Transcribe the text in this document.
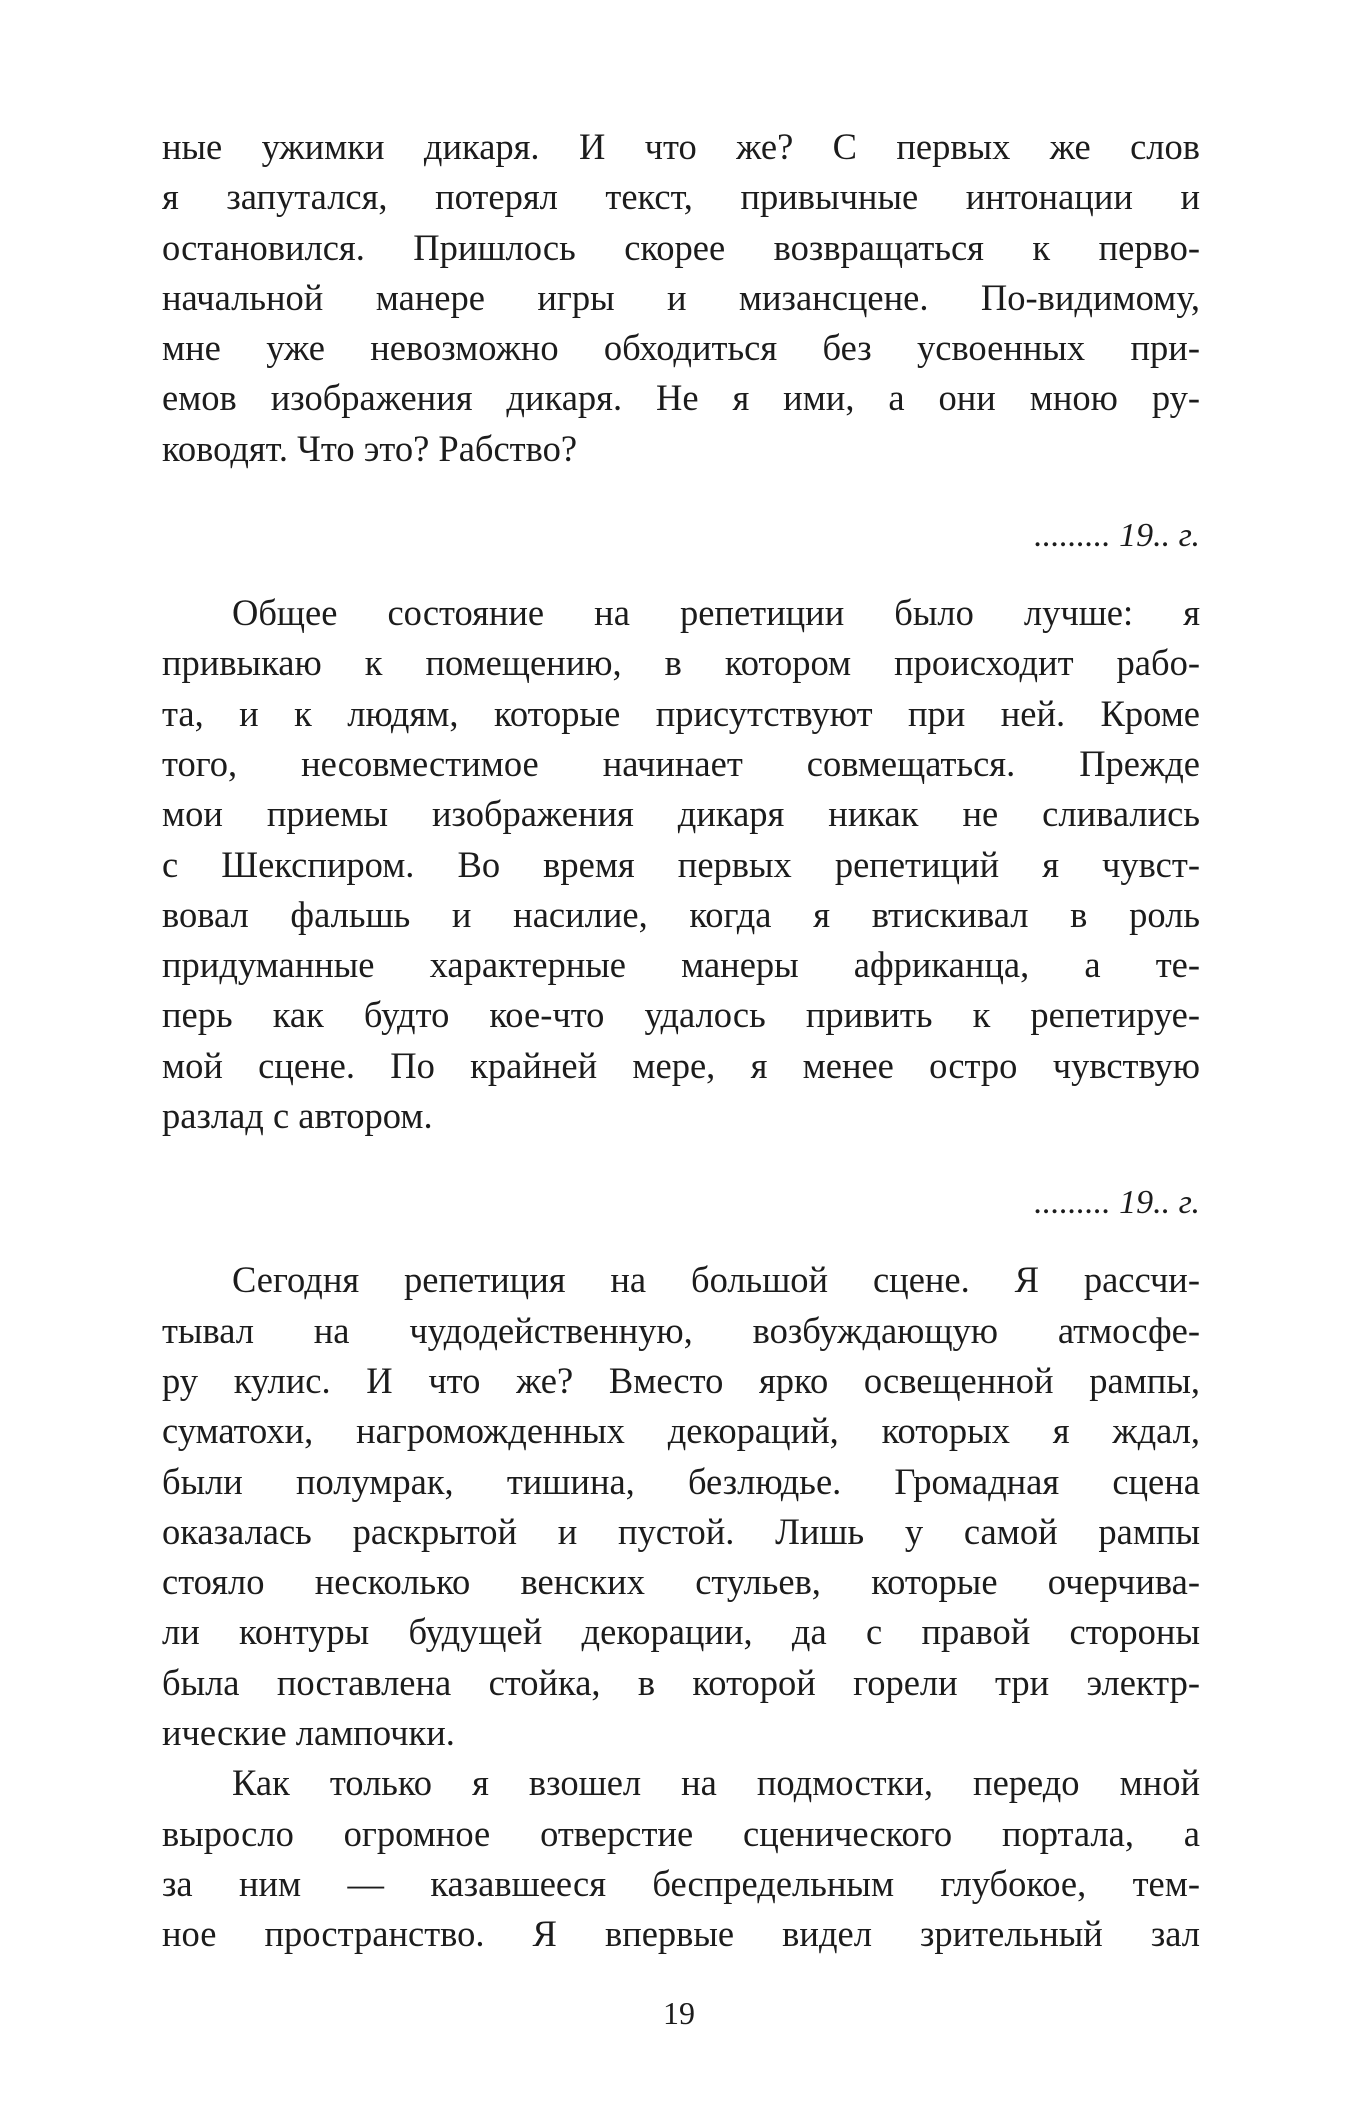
ные ужимки дикаря. И что же? С первых же слов
я запутался, потерял текст, привычные интонации и
остановился. Пришлось скорее возвращаться к перво-
начальной манере игры и мизансцене. По-видимому,
мне уже невозможно обходиться без усвоенных при-
емов изображения дикаря. Не я ими, а они мною ру-
ководят. Что это? Рабство?
......... 19.. г.
Общее состояние на репетиции было лучше: я
привыкаю к помещению, в котором происходит рабо-
та, и к людям, которые присутствуют при ней. Кроме
того, несовместимое начинает совмещаться. Прежде
мои приемы изображения дикаря никак не сливались
с Шекспиром. Во время первых репетиций я чувст-
вовал фальшь и насилие, когда я втискивал в роль
придуманные характерные манеры африканца, а те-
перь как будто кое-что удалось привить к репетируе-
мой сцене. По крайней мере, я менее остро чувствую
разлад с автором.
......... 19.. г.
Сегодня репетиция на большой сцене. Я рассчи-
тывал на чудодейственную, возбуждающую атмосфе-
ру кулис. И что же? Вместо ярко освещенной рампы,
суматохи, нагроможденных декораций, которых я ждал,
были полумрак, тишина, безлюдье. Громадная сцена
оказалась раскрытой и пустой. Лишь у самой рампы
стояло несколько венских стульев, которые очерчива-
ли контуры будущей декорации, да с правой стороны
была поставлена стойка, в которой горели три электр-
ические лампочки.
Как только я взошел на подмостки, передо мной
выросло огромное отверстие сценического портала, а
за ним — казавшееся беспредельным глубокое, тем-
ное пространство. Я впервые видел зрительный зал
19
